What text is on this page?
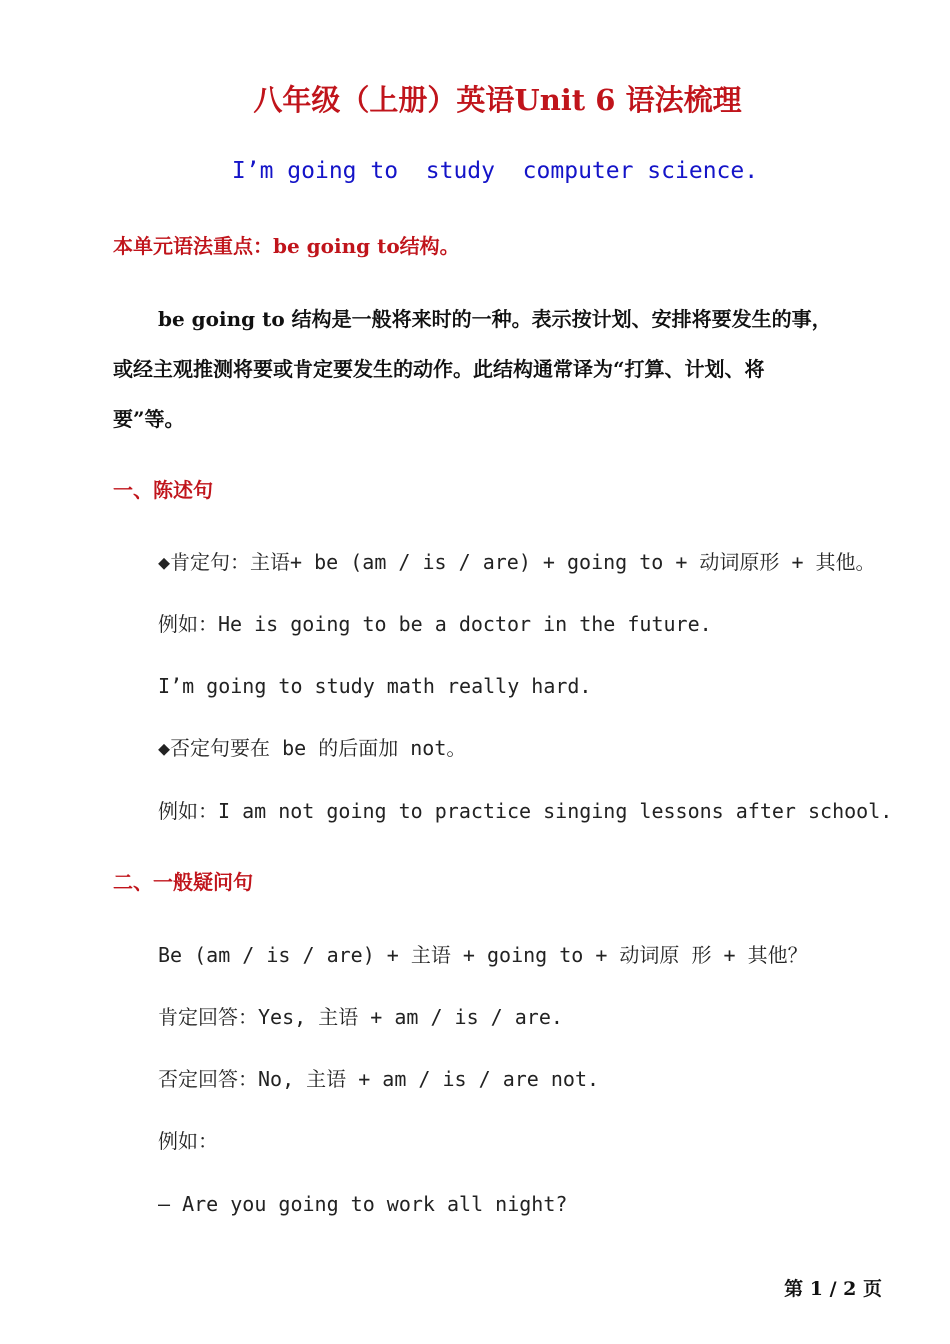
八年级（上册）英语Unit 6 语法梳理
I’m going to  study  computer science.
本单元语法重点：be going to结构。
be going to 结构是一般将来时的一种。表示按计划、安排将要发生的事，
或经主观推测将要或肯定要发生的动作。此结构通常译为“打算、计划、将
要”等。
一、陈述句
◆肯定句：主语+ be (am / is / are) + going to + 动词原形 + 其他。
例如：He is going to be a doctor in the future.
I’m going to study math really hard.
◆否定句要在 be 的后面加 not。
例如：I am not going to practice singing lessons after school.
二、一般疑问句
Be (am / is / are) + 主语 + going to + 动词原 形 + 其他？
肯定回答：Yes, 主语 + am / is / are.
否定回答：No, 主语 + am / is / are not.
例如：
— Are you going to work all night?
第 1 / 2 页
